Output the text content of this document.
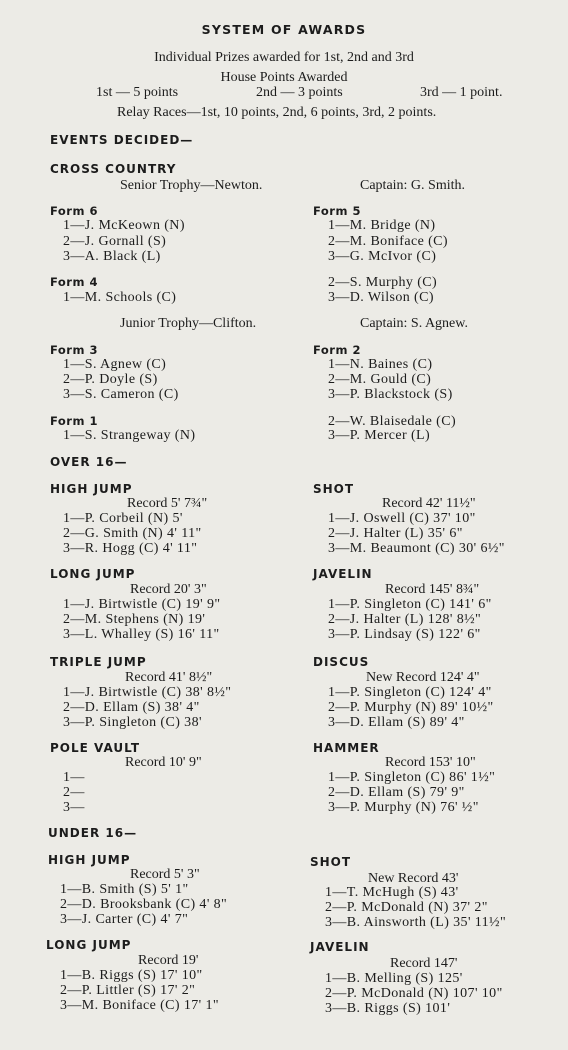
SYSTEM OF AWARDS
Individual Prizes awarded for 1st, 2nd and 3rd
House Points Awarded
1st — 5 points	2nd — 3 points	3rd — 1 point.
Relay Races—1st, 10 points, 2nd, 6 points, 3rd, 2 points.
EVENTS DECIDED—
CROSS COUNTRY
Senior Trophy—Newton.	Captain: G. Smith.
Form 6
1—J. McKeown (N)
2—J. Gornall (S)
3—A. Black (L)
Form 5
1—M. Bridge (N)
2—M. Boniface (C)
3—G. McIvor (C)
Form 4
1—M. Schools (C)
2—S. Murphy (C)
3—D. Wilson (C)
Junior Trophy—Clifton.	Captain: S. Agnew.
Form 3
1—S. Agnew (C)
2—P. Doyle (S)
3—S. Cameron (C)
Form 2
1—N. Baines (C)
2—M. Gould (C)
3—P. Blackstock (S)
Form 1
1—S. Strangeway (N)
2—W. Blaisedale (C)
3—P. Mercer (L)
OVER 16—
HIGH JUMP
Record 5' 7¾"
1—P. Corbeil (N) 5'
2—G. Smith (N) 4' 11"
3—R. Hogg (C) 4' 11"
SHOT
Record 42' 11½"
1—J. Oswell (C) 37' 10"
2—J. Halter (L) 35' 6"
3—M. Beaumont (C) 30' 6½"
LONG JUMP
Record 20' 3"
1—J. Birtwistle (C) 19' 9"
2—M. Stephens (N) 19'
3—L. Whalley (S) 16' 11"
JAVELIN
Record 145' 8¾"
1—P. Singleton (C) 141' 6"
2—J. Halter (L) 128' 8½"
3—P. Lindsay (S) 122' 6"
TRIPLE JUMP
Record 41' 8½"
1—J. Birtwistle (C) 38' 8½"
2—D. Ellam (S) 38' 4"
3—P. Singleton (C) 38'
DISCUS
New Record 124' 4"
1—P. Singleton (C) 124' 4"
2—P. Murphy (N) 89' 10½"
3—D. Ellam (S) 89' 4"
POLE VAULT
Record 10' 9"
1—
2—
3—
HAMMER
Record 153' 10"
1—P. Singleton (C) 86' 1½"
2—D. Ellam (S) 79' 9"
3—P. Murphy (N) 76' ½"
UNDER 16—
HIGH JUMP
Record 5' 3"
1—B. Smith (S) 5' 1"
2—D. Brooksbank (C) 4' 8"
3—J. Carter (C) 4' 7"
SHOT
New Record 43'
1—T. McHugh (S) 43'
2—P. McDonald (N) 37' 2"
3—B. Ainsworth (L) 35' 11½"
LONG JUMP
Record 19'
1—B. Riggs (S) 17' 10"
2—P. Littler (S) 17' 2"
3—M. Boniface (C) 17' 1"
JAVELIN
Record 147'
1—B. Melling (S) 125'
2—P. McDonald (N) 107' 10"
3—B. Riggs (S) 101'
